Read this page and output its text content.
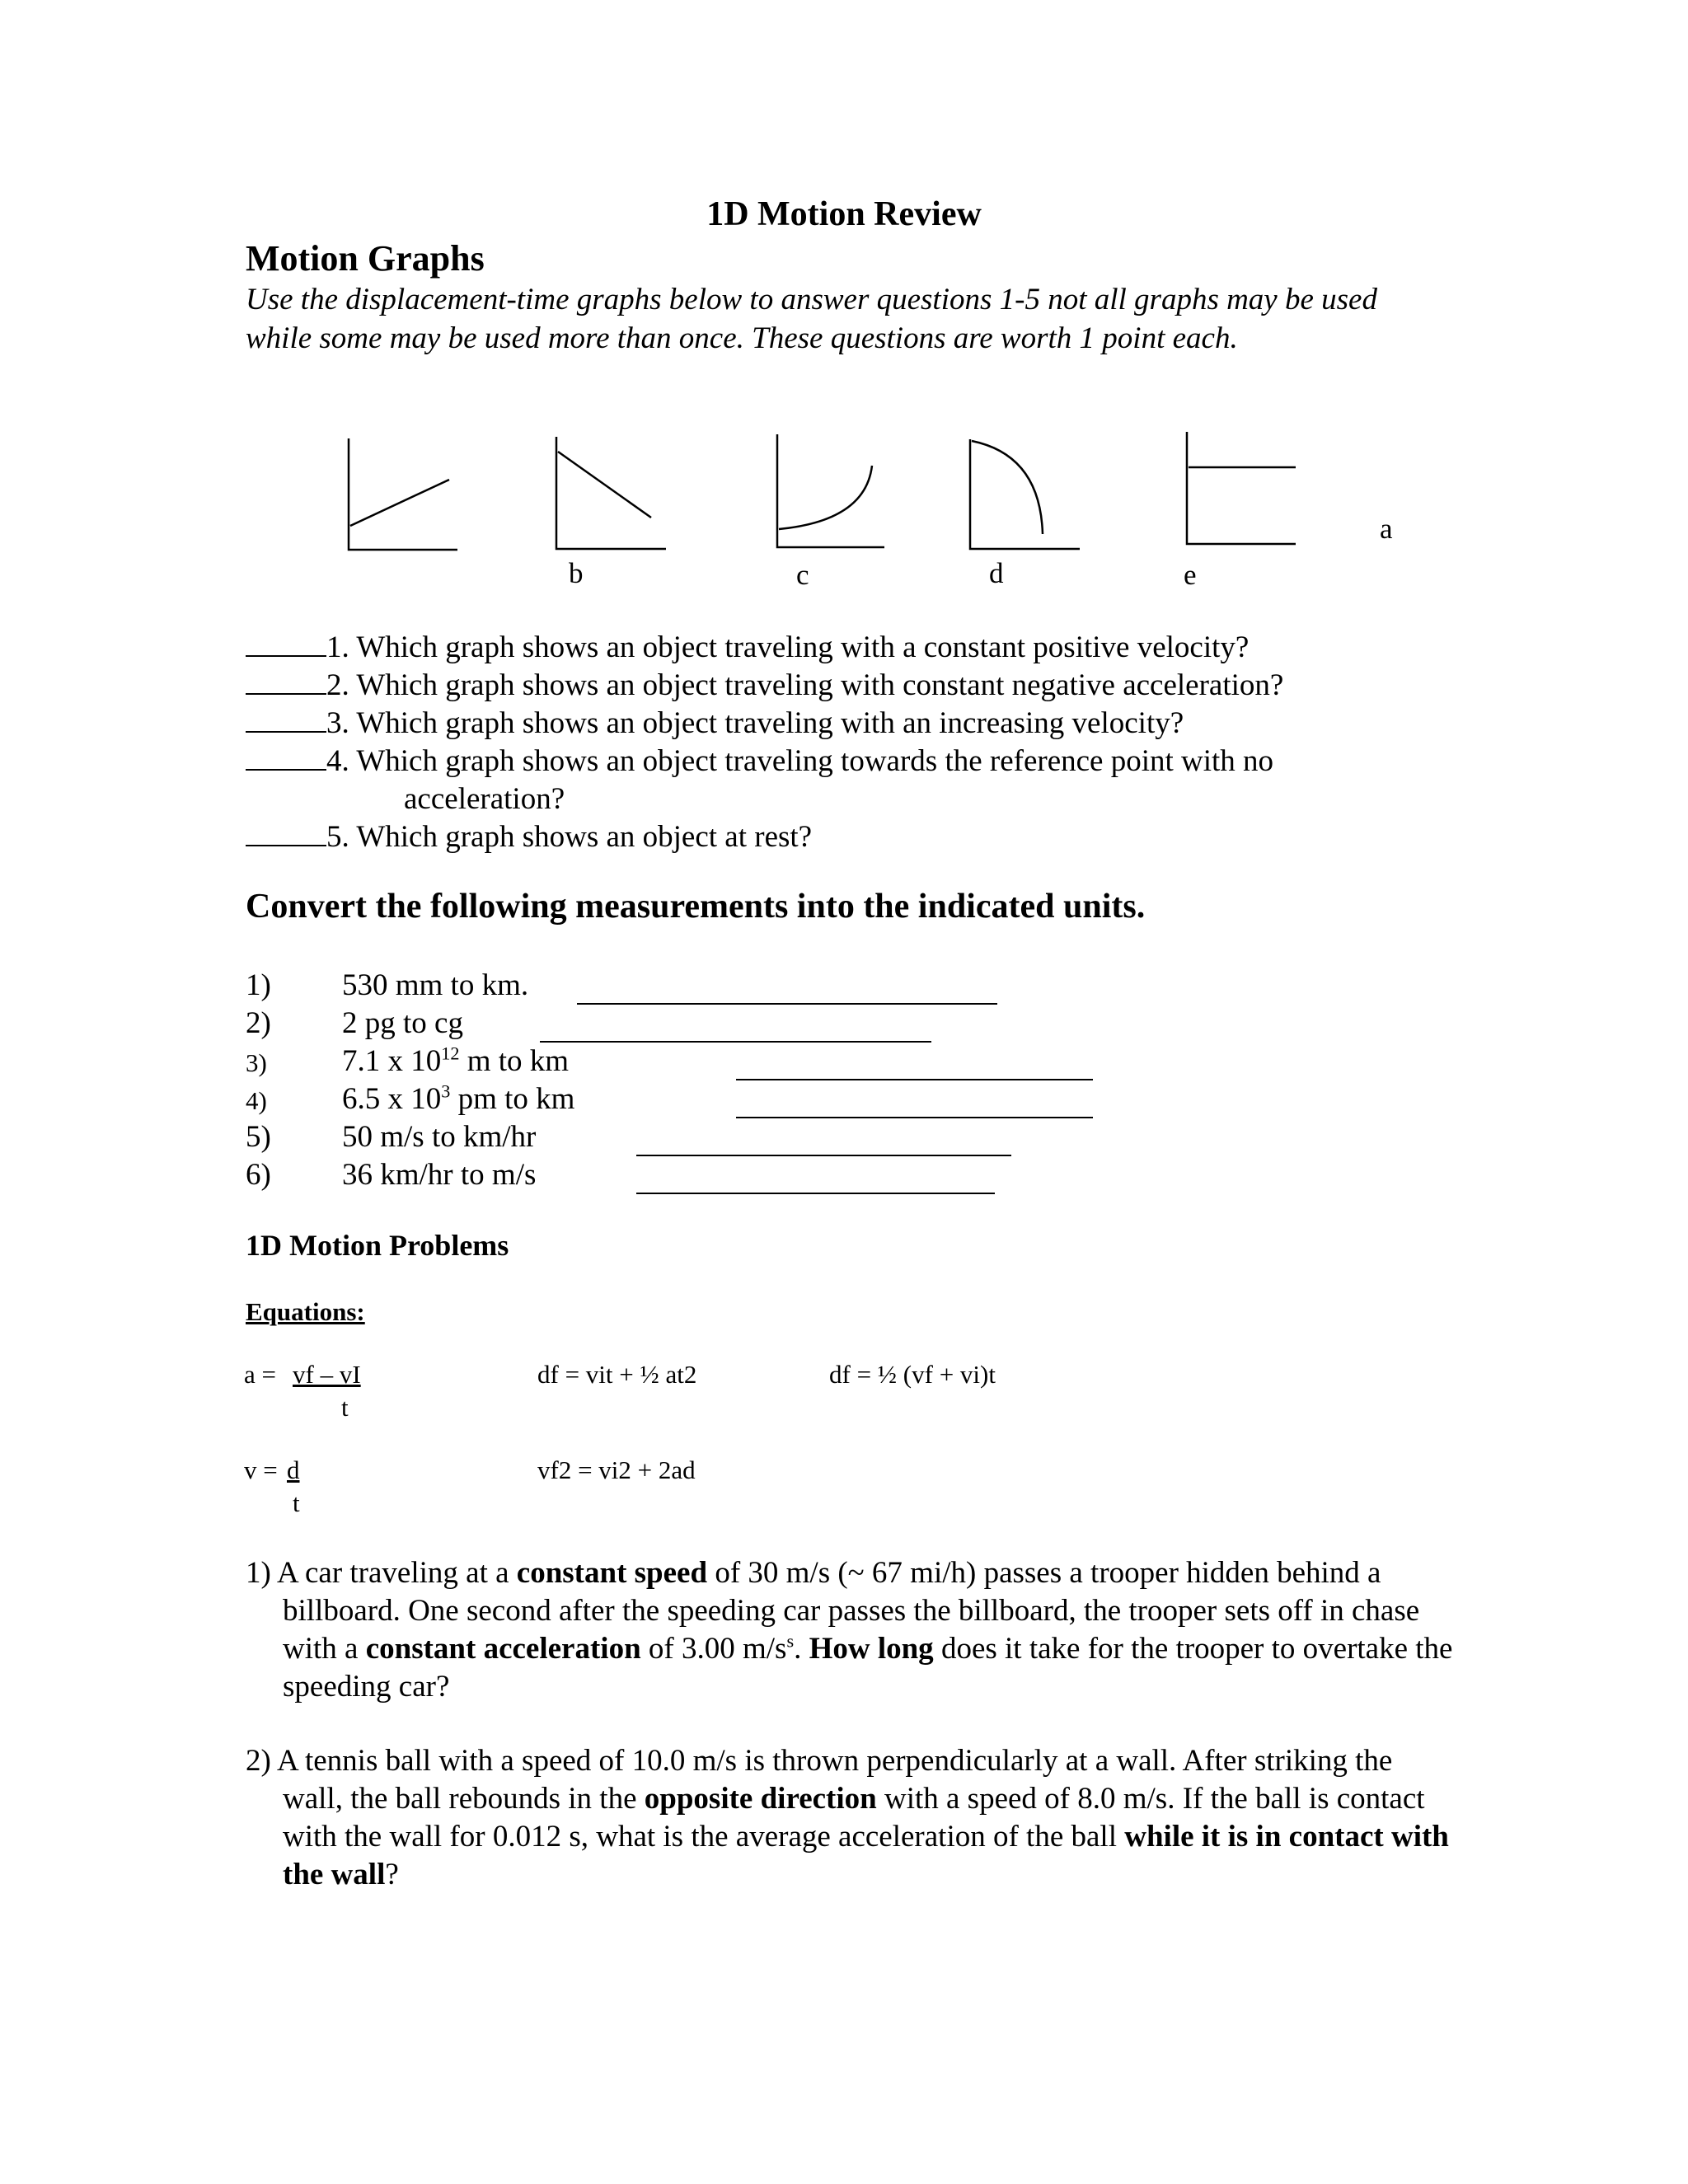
1D Motion Review
Motion Graphs
Use the displacement-time graphs below to answer questions 1-5 not all graphs may be used while some may be used more than once. These questions are worth 1 point each.
a
b	c	d	e
1. Which graph shows an object traveling with a constant positive velocity?
2. Which graph shows an object traveling with constant negative acceleration?
3. Which graph shows an object traveling with an increasing velocity?
4. Which graph shows an object traveling towards the reference point with no
acceleration?
5. Which graph shows an object at rest?
Convert the following measurements into the indicated units.
1) 530 mm to km.
2) 2 pg to cg
3) 7.1 x $10^{12}$ m to km
4) 6.5 x $10^3$ pm to km
5) 50 m/s to km/hr
6) 36 km/hr to m/s
1D Motion Problems
Equations:
a = vf – vI
t
df = vit + ½ at2	df = ½ (vf + vi)t
v = d
t
vf2 = vi2 + 2ad
1) A car traveling at a constant speed of 30 m/s (~ 67 mi/h) passes a trooper hidden behind a billboard. One second after the speeding car passes the billboard, the trooper sets off in chase with a constant acceleration of 3.00 $m/s^s$. How long does it take for the trooper to overtake the speeding car?
2) A tennis ball with a speed of 10.0 m/s is thrown perpendicularly at a wall. After striking the wall, the ball rebounds in the opposite direction with a speed of 8.0 m/s. If the ball is contact with the wall for 0.012 s, what is the average acceleration of the ball while it is in contact with the wall?
